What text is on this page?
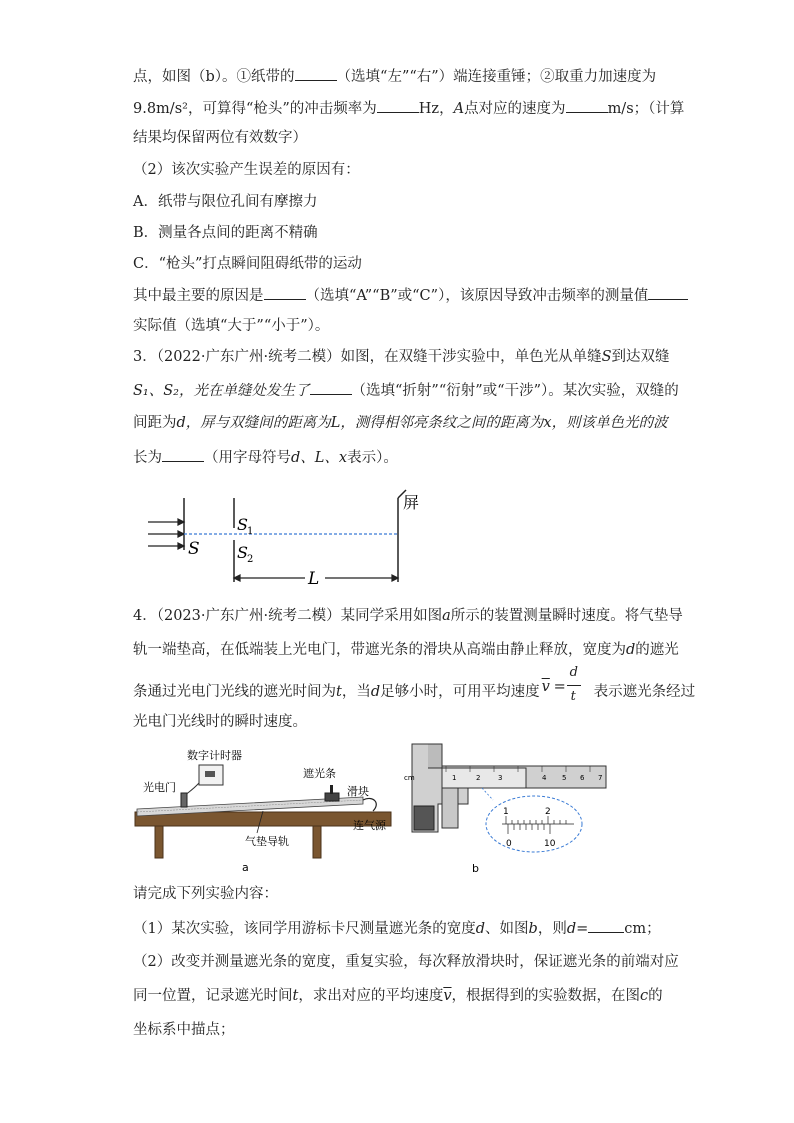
点，如图（b）。①纸带的	（选填“左”“右”）端连接重锤；②取重力加速度为
9.8m/s²，可算得“枪头”的冲击频率为	Hz，A点对应的速度为	m/s；（计算
结果均保留两位有效数字）
（2）该次实验产生误差的原因有：
A．纸带与限位孔间有摩擦力
B．测量各点间的距离不精确
C．“枪头”打点瞬间阻碍纸带的运动
其中最主要的原因是	（选填“A”“B”或“C”），该原因导致冲击频率的测量值
实际值（选填“大于”“小于”）。
3．（2022·广东广州·统考二模）如图，在双缝干涉实验中，单色光从单缝S到达双缝
S₁、S₂，光在单缝处发生了	（选填“折射”“衍射”或“干涉”）。某次实验，双缝的
间距为d，屏与双缝间的距离为L，测得相邻亮条纹之间的距离为x，则该单色光的波
长为	（用字母符号d、L、x表示）。
S
S 1
S 2
L
屏
4．（2023·广东广州·统考二模）某同学采用如图a所示的装置测量瞬时速度。将气垫导
轨一端垫高，在低端装上光电门，带遮光条的滑块从高端由静止释放，宽度为d的遮光
条通过光电门光线的遮光时间为t，当d足够小时，可用平均速度 $\overline{v}$ =
d
t 表示遮光条经过
光电门光线时的瞬时速度。
数字计时器
光电门
遮光条
滑块
连气源
气垫导轨
a
cm	1	2	3	4 5 6 7
1	2
0	10
b
请完成下列实验内容：
（1）某次实验，该同学用游标卡尺测量遮光条的宽度d、如图b，则d= cm；
（2）改变并测量遮光条的宽度，重复实验，每次释放滑块时，保证遮光条的前端对应
同一位置，记录遮光时间t，求出对应的平均速度$\overline{v}$，根据得到的实验数据，在图c的
坐标系中描点；
